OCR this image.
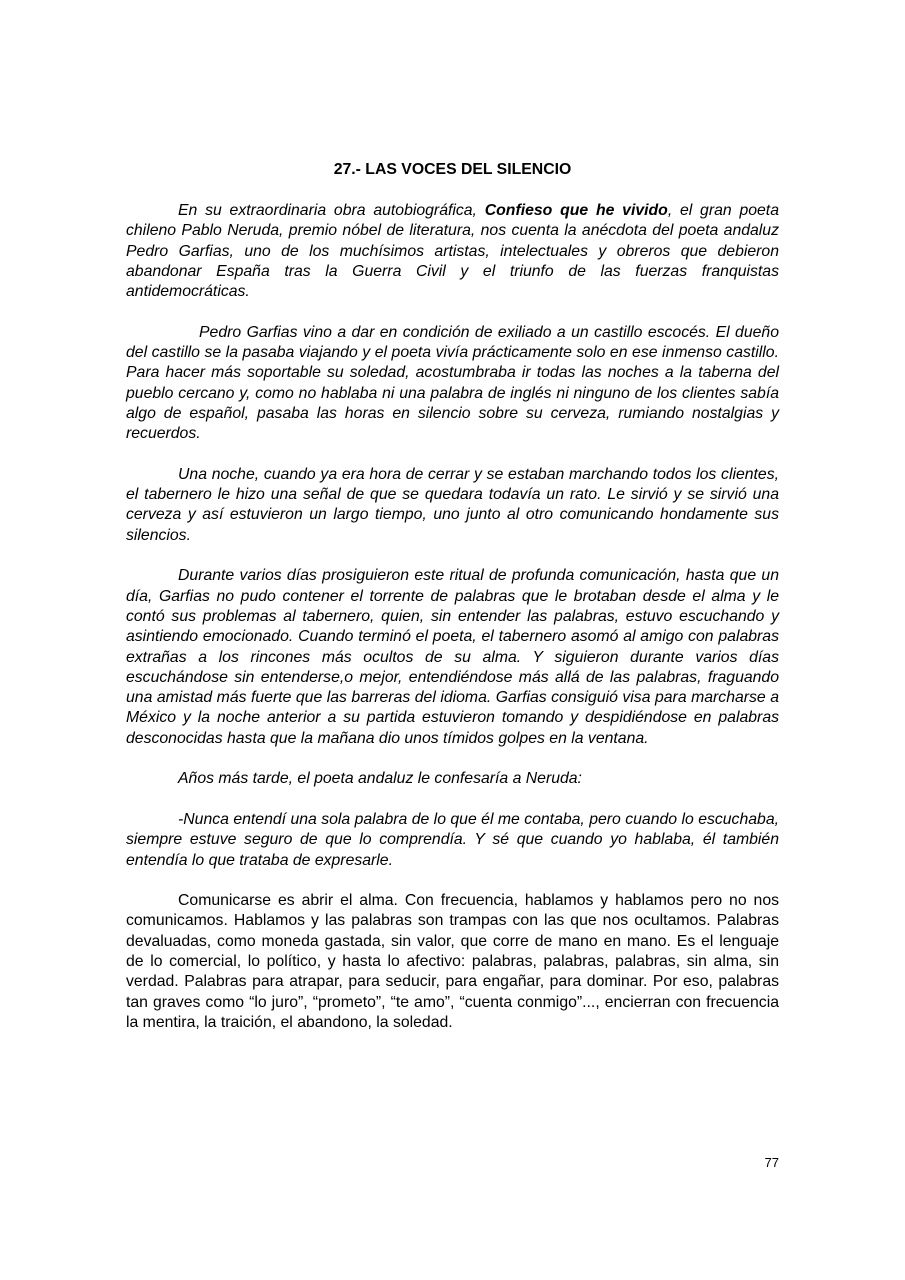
27.- LAS VOCES DEL SILENCIO

En su extraordinaria obra autobiográfica, Confieso que he vivido, el gran poeta chileno Pablo Neruda, premio nóbel de literatura, nos cuenta la anécdota del poeta andaluz Pedro Garfias, uno de los muchísimos artistas, intelectuales y obreros que debieron abandonar España tras la Guerra Civil y el triunfo de las fuerzas franquistas antidemocráticas.

Pedro Garfias vino a dar en condición de exiliado a un castillo escocés. El dueño del castillo se la pasaba viajando y el poeta vivía prácticamente solo en ese inmenso castillo. Para hacer más soportable su soledad, acostumbraba ir todas las noches a la taberna del pueblo cercano y, como no hablaba ni una palabra de inglés ni ninguno de los clientes sabía algo de español, pasaba las horas en silencio sobre su cerveza, rumiando nostalgias y recuerdos.

Una noche, cuando ya era hora de cerrar y se estaban marchando todos los clientes, el tabernero le hizo una señal de que se quedara todavía un rato. Le sirvió y se sirvió una cerveza y así estuvieron un largo tiempo, uno junto al otro comunicando hondamente sus silencios.

Durante varios días prosiguieron este ritual de profunda comunicación, hasta que un día, Garfias no pudo contener el torrente de palabras que le brotaban desde el alma y le contó sus problemas al tabernero, quien, sin entender las palabras, estuvo escuchando y asintiendo emocionado. Cuando terminó el poeta, el tabernero asomó al amigo con palabras extrañas a los rincones más ocultos de su alma. Y siguieron durante varios días escuchándose sin entenderse,o mejor, entendiéndose más allá de las palabras, fraguando una amistad más fuerte que las barreras del idioma. Garfias consiguió visa para marcharse a México y la noche anterior a su partida estuvieron tomando y despidiéndose en palabras desconocidas hasta que la mañana dio unos tímidos golpes en la ventana.

Años más tarde, el poeta andaluz le confesaría a Neruda:

-Nunca entendí una sola palabra de lo que él me contaba, pero cuando lo escuchaba, siempre estuve seguro de que lo comprendía. Y sé que cuando yo hablaba, él también entendía lo que trataba de expresarle.

Comunicarse es abrir el alma. Con frecuencia, hablamos y hablamos pero no nos comunicamos. Hablamos y las palabras son trampas con las que nos ocultamos. Palabras devaluadas, como moneda gastada, sin valor, que corre de mano en mano. Es el lenguaje de lo comercial, lo político, y hasta lo afectivo: palabras, palabras, palabras, sin alma, sin verdad. Palabras para atrapar, para seducir, para engañar, para dominar. Por eso, palabras tan graves como “lo juro”, “prometo”, “te amo”, “cuenta conmigo”..., encierran con frecuencia la mentira, la traición, el abandono, la soledad.

77
